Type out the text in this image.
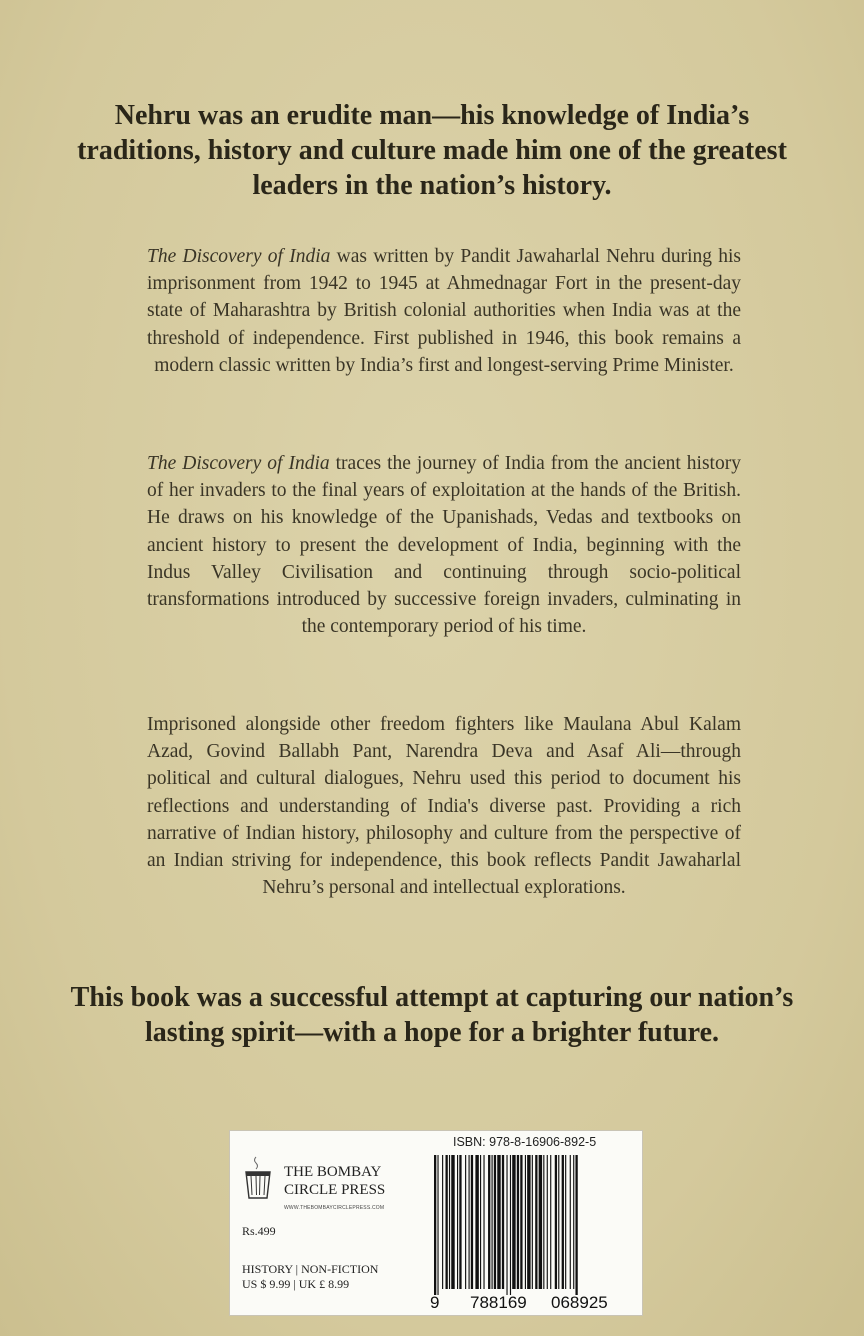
Nehru was an erudite man—his knowledge of India’s traditions, history and culture made him one of the greatest leaders in the nation’s history.

The Discovery of India was written by Pandit Jawaharlal Nehru during his imprisonment from 1942 to 1945 at Ahmednagar Fort in the present-day state of Maharashtra by British colonial authorities when India was at the threshold of independence. First published in 1946, this book remains a modern classic written by India’s first and longest-serving Prime Minister.

The Discovery of India traces the journey of India from the ancient history of her invaders to the final years of exploitation at the hands of the British. He draws on his knowledge of the Upanishads, Vedas and textbooks on ancient history to present the development of India, beginning with the Indus Valley Civilisation and continuing through socio-political transformations introduced by successive foreign invaders, culminating in the contemporary period of his time.

Imprisoned alongside other freedom fighters like Maulana Abul Kalam Azad, Govind Ballabh Pant, Narendra Deva and Asaf Ali—through political and cultural dialogues, Nehru used this period to document his reflections and understanding of India's diverse past. Providing a rich narrative of Indian history, philosophy and culture from the perspective of an Indian striving for independence, this book reflects Pandit Jawaharlal Nehru’s personal and intellectual explorations.

This book was a successful attempt at capturing our nation’s lasting spirit—with a hope for a brighter future.

THE BOMBAY
CIRCLE PRESS
WWW.THEBOMBAYCIRCLEPRESS.COM
Rs.499
HISTORY | NON-FICTION
US $ 9.99 | UK £ 8.99
ISBN: 978-8-16906-892-5
9 788169 068925
